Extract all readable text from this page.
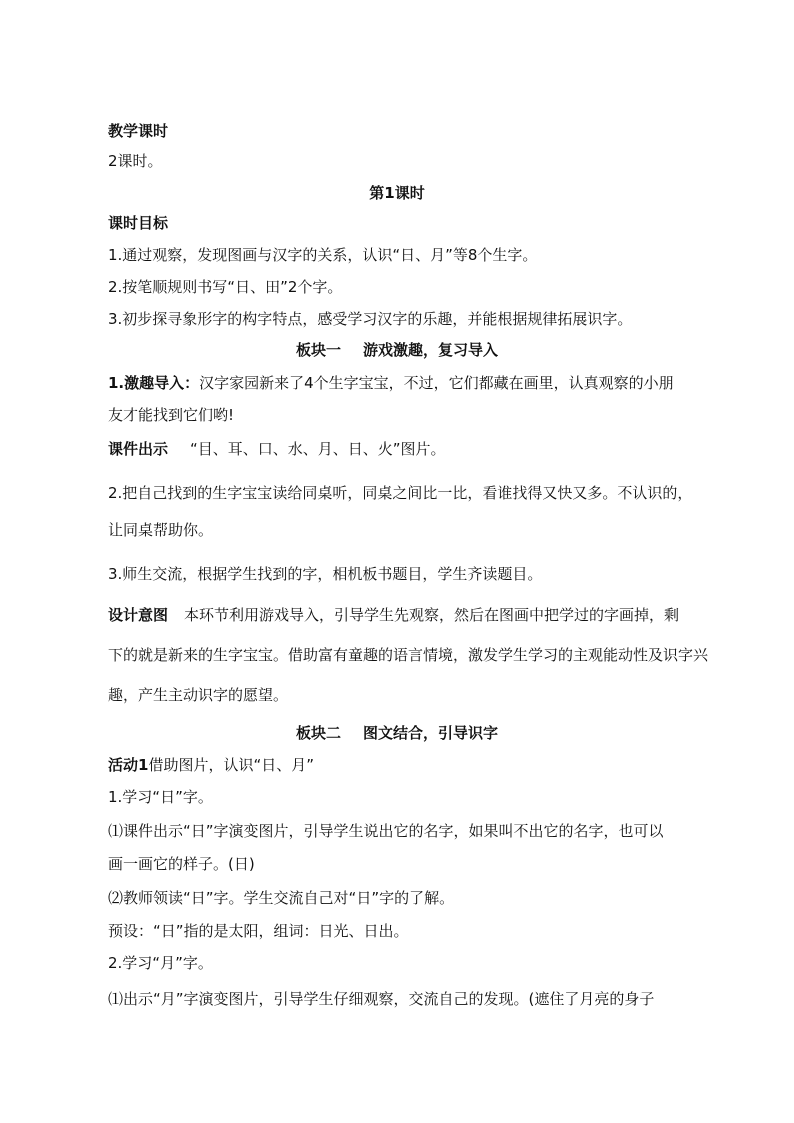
教学课时

2课时。

第1课时

课时目标

1.通过观察，发现图画与汉字的关系，认识“日、月”等8个生字。

2.按笔顺规则书写“日、田”2个字。

3.初步探寻象形字的构字特点，感受学习汉字的乐趣，并能根据规律拓展识字。

板块一 游戏激趣，复习导入

1.激趣导入：汉字家园新来了4个生字宝宝，不过，它们都藏在画里，认真观察的小朋

友才能找到它们哟!

课件出示 “目、耳、口、水、月、日、火”图片。

2.把自己找到的生字宝宝读给同桌听，同桌之间比一比，看谁找得又快又多。不认识的，

让同桌帮助你。

3.师生交流，根据学生找到的字，相机板书题目，学生齐读题目。

设计意图 本环节利用游戏导入，引导学生先观察，然后在图画中把学过的字画掉，剩

下的就是新来的生字宝宝。借助富有童趣的语言情境，激发学生学习的主观能动性及识字兴

趣，产生主动识字的愿望。

板块二 图文结合，引导识字

活动1借助图片，认识“日、月”

1.学习“日”字。

⑴课件出示“日”字演变图片，引导学生说出它的名字，如果叫不出它的名字，也可以

画一画它的样子。(日)

⑵教师领读“日”字。学生交流自己对“日”字的了解。

预设：“日”指的是太阳，组词：日光、日出。

2.学习“月”字。

⑴出示“月”字演变图片，引导学生仔细观察，交流自己的发现。(遮住了月亮的身子
